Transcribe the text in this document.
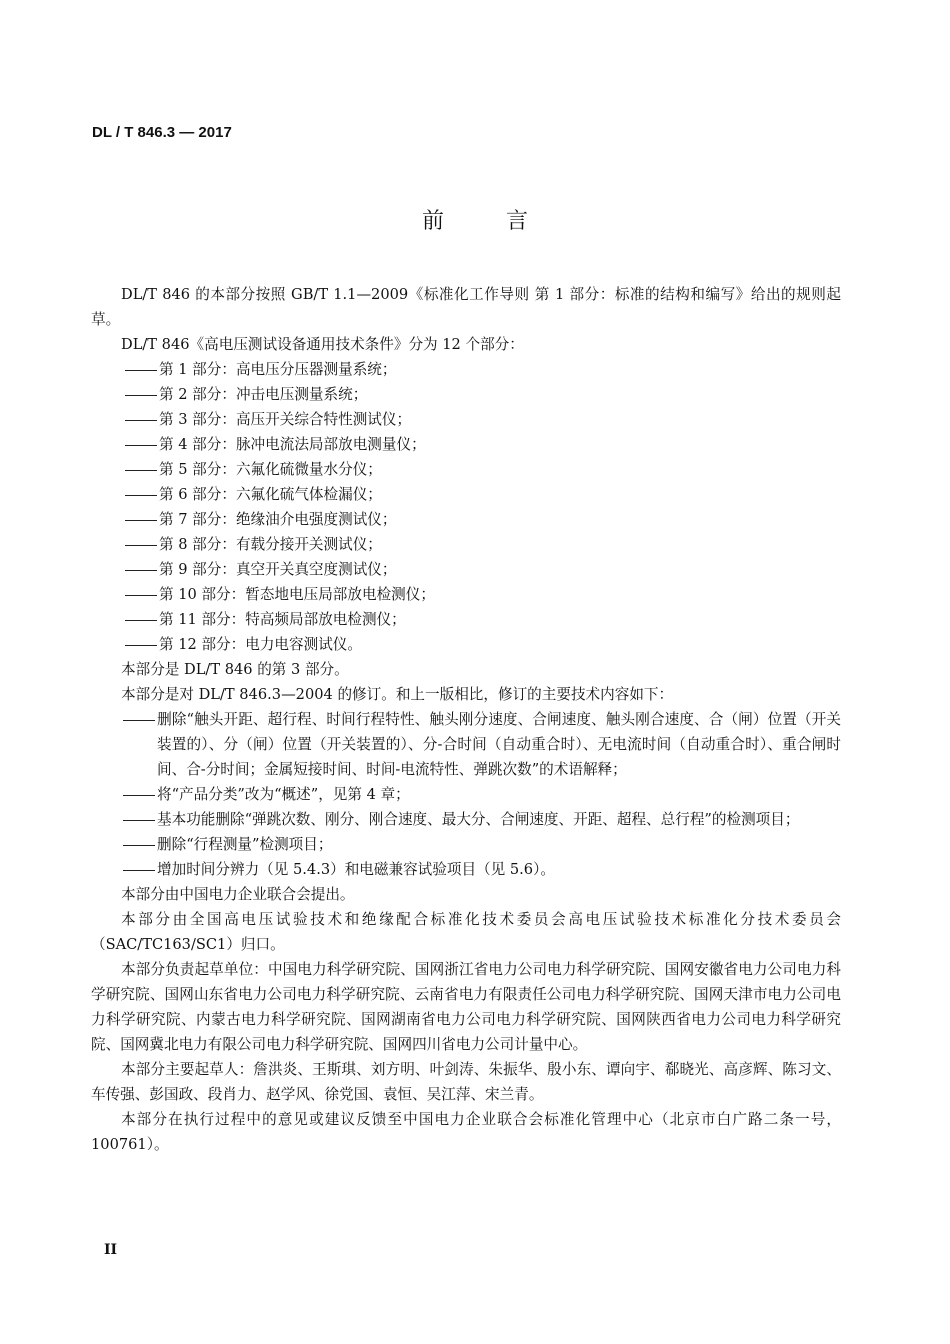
DL / T 846.3 — 2017
前言

DL/T 846 的本部分按照 GB/T 1.1—2009《标准化工作导则 第 1 部分：标准的结构和编写》给出的规则起草。

DL/T 846《高电压测试设备通用技术条件》分为 12 个部分：

第 1 部分：高电压分压器测量系统；

第 2 部分：冲击电压测量系统；

第 3 部分：高压开关综合特性测试仪；

第 4 部分：脉冲电流法局部放电测量仪；

第 5 部分：六氟化硫微量水分仪；

第 6 部分：六氟化硫气体检漏仪；

第 7 部分：绝缘油介电强度测试仪；

第 8 部分：有载分接开关测试仪；

第 9 部分：真空开关真空度测试仪；

第 10 部分：暂态地电压局部放电检测仪；

第 11 部分：特高频局部放电检测仪；

第 12 部分：电力电容测试仪。

本部分是 DL/T 846 的第 3 部分。

本部分是对 DL/T 846.3—2004 的修订。和上一版相比，修订的主要技术内容如下：

删除“触头开距、超行程、时间行程特性、触头刚分速度、合闸速度、触头刚合速度、合（闸）位置（开关装置的）、分（闸）位置（开关装置的）、分-合时间（自动重合时）、无电流时间（自动重合时）、重合闸时间、合-分时间；金属短接时间、时间-电流特性、弹跳次数”的术语解释；

将“产品分类”改为“概述”，见第 4 章；

基本功能删除“弹跳次数、刚分、刚合速度、最大分、合闸速度、开距、超程、总行程”的检测项目；

删除“行程测量”检测项目；

增加时间分辨力（见 5.4.3）和电磁兼容试验项目（见 5.6）。

本部分由中国电力企业联合会提出。

本部分由全国高电压试验技术和绝缘配合标准化技术委员会高电压试验技术标准化分技术委员会（SAC/TC163/SC1）归口。

本部分负责起草单位：中国电力科学研究院、国网浙江省电力公司电力科学研究院、国网安徽省电力公司电力科学研究院、国网山东省电力公司电力科学研究院、云南省电力有限责任公司电力科学研究院、国网天津市电力公司电力科学研究院、内蒙古电力科学研究院、国网湖南省电力公司电力科学研究院、国网陕西省电力公司电力科学研究院、国网冀北电力有限公司电力科学研究院、国网四川省电力公司计量中心。

本部分主要起草人：詹洪炎、王斯琪、刘方明、叶剑涛、朱振华、殷小东、谭向宇、郗晓光、高彦辉、陈习文、车传强、彭国政、段肖力、赵学风、徐党国、袁恒、吴江萍、宋兰青。

本部分在执行过程中的意见或建议反馈至中国电力企业联合会标准化管理中心（北京市白广路二条一号，100761）。

II
